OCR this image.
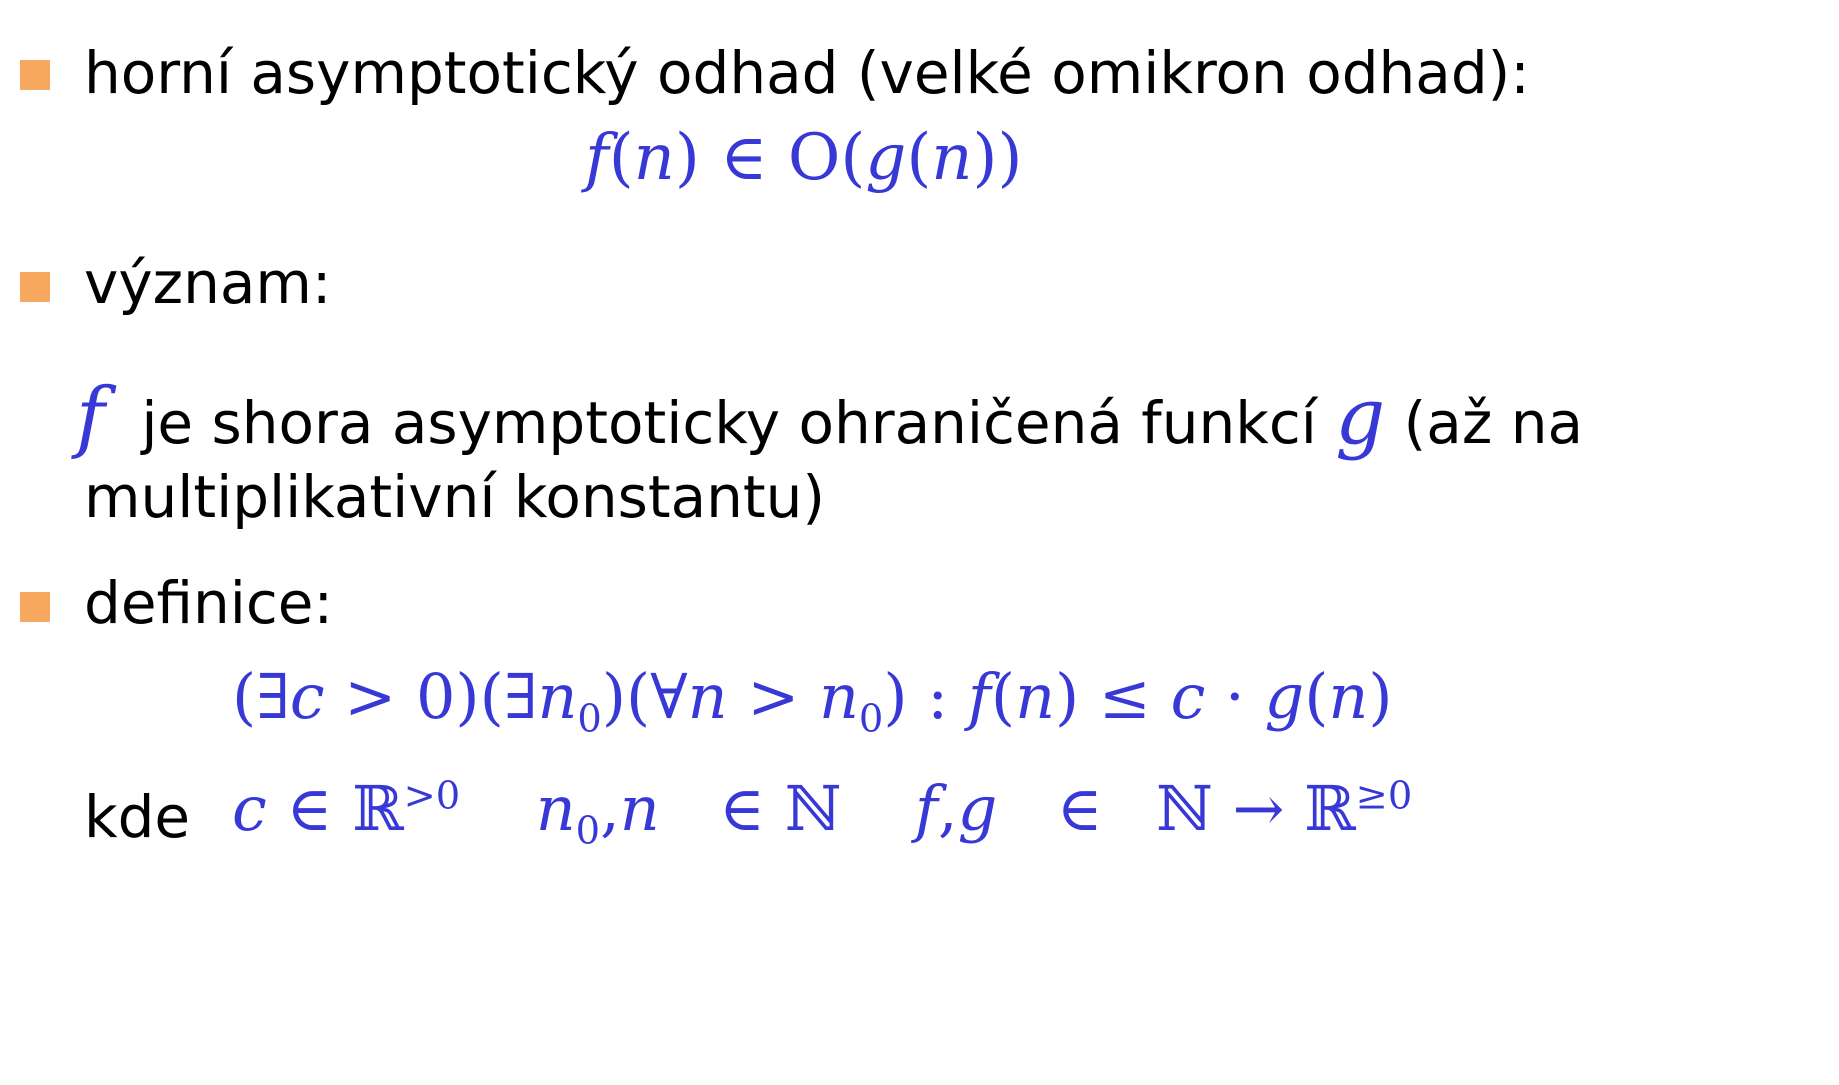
horní asymptotický odhad (velké omikron odhad):
f(n) ∈ O(g(n))
význam:
f je shora asymptoticky ohraničená funkcí g (až na
multiplikativní konstantu)
definice:
(∃c > $0)(\exists n_0)(\forall n > n_0)$ : f(n) ≤ c · g(n)
kde c ∈ ℝ$^{>0}$ $n_0,n$ ∈ ℕ f,g ∈ ℕ → ℝ$^{\ge 0}$
